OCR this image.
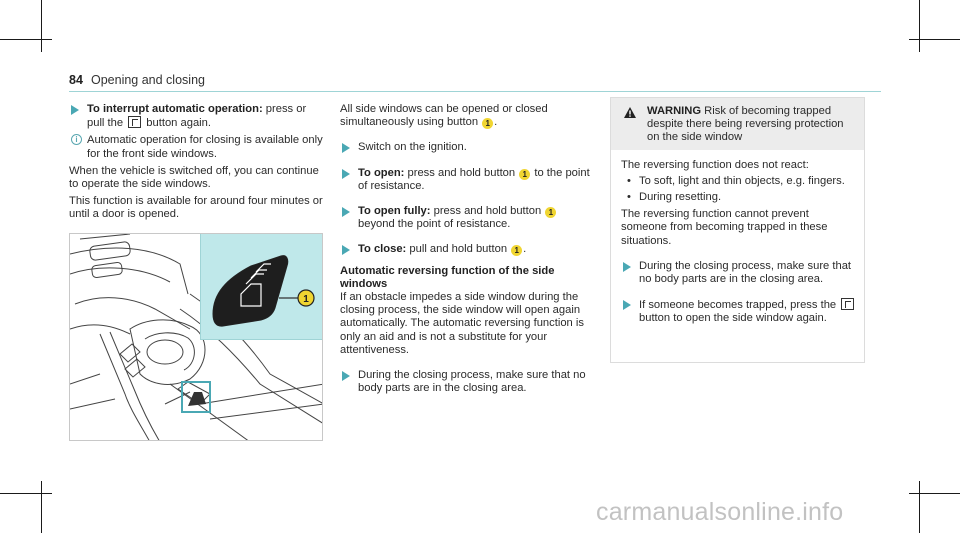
84 Opening and closing

To interrupt automatic operation: press or pull the  button again.

i Automatic operation for closing is available only for the front side windows.

When the vehicle is switched off, you can continue to operate the side windows.

This function is available for around four minutes or until a door is opened.

1

All side windows can be opened or closed simultaneously using button 1 .

Switch on the ignition.

To open: press and hold button 1 to the point of resistance.

To open fully: press and hold button 1 beyond the point of resistance.

To close: pull and hold button 1 .

Automatic reversing function of the side windows

If an obstacle impedes a side window during the closing process, the side window will open again automatically. The automatic reversing function is only an aid and is not a substitute for your attentiveness.

During the closing process, make sure that no body parts are in the closing area.

WARNING Risk of becoming trapped despite there being reversing protection on the side window

The reversing function does not react:

• To soft, light and thin objects, e.g. fingers.

• During resetting.

The reversing function cannot prevent someone from becoming trapped in these situations.

During the closing process, make sure that no body parts are in the closing area.

If someone becomes trapped, press the  button to open the side window again.

carmanualsonline.info
